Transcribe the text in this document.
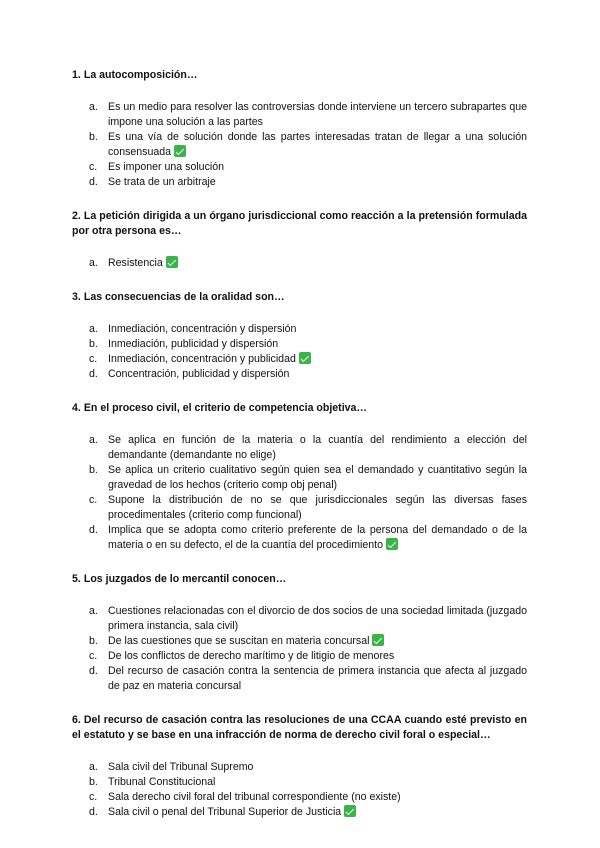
1. La autocomposición…
a. Es un medio para resolver las controversias donde interviene un tercero subrapartes que impone una solución a las partes
b. Es una vía de solución donde las partes interesadas tratan de llegar a una solución consensuada
c. Es imponer una solución
d. Se trata de un arbitraje
2. La petición dirigida a un órgano jurisdiccional como reacción a la pretensión formulada por otra persona es…
a. Resistencia
3. Las consecuencias de la oralidad son…
a. Inmediación, concentración y dispersión
b. Inmediación, publicidad y dispersión
c. Inmediación, concentración y publicidad
d. Concentración, publicidad y dispersión
4. En el proceso civil, el criterio de competencia objetiva…
a. Se aplica en función de la materia o la cuantía del rendimiento a elección del demandante (demandante no elige)
b. Se aplica un criterio cualitativo según quien sea el demandado y cuantitativo según la gravedad de los hechos (criterio comp obj penal)
c. Supone la distribución de no se que jurisdiccionales según las diversas fases procedimentales (criterio comp funcional)
d. Implica que se adopta como criterio preferente de la persona del demandado o de la materia o en su defecto, el de la cuantía del procedimiento
5. Los juzgados de lo mercantil conocen…
a. Cuestiones relacionadas con el divorcio de dos socios de una sociedad limitada (juzgado primera instancia, sala civil)
b. De las cuestiones que se suscitan en materia concursal
c. De los conflictos de derecho marítimo y de litigio de menores
d. Del recurso de casación contra la sentencia de primera instancia que afecta al juzgado de paz en materia concursal
6. Del recurso de casación contra las resoluciones de una CCAA cuando esté previsto en el estatuto y se base en una infracción de norma de derecho civil foral o especial…
a. Sala civil del Tribunal Supremo
b. Tribunal Constitucional
c. Sala derecho civil foral del tribunal correspondiente (no existe)
d. Sala civil o penal del Tribunal Superior de Justicia
